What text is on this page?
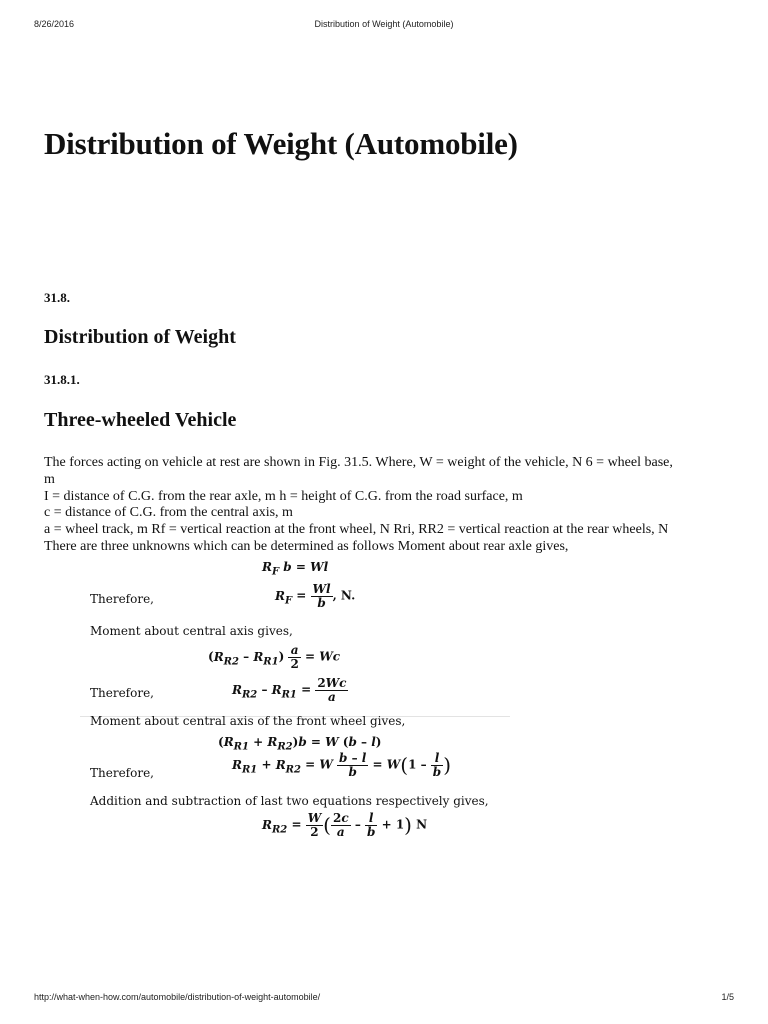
8/26/2016	Distribution of Weight (Automobile)
Distribution of Weight (Automobile)

31.8.

Distribution of Weight

31.8.1.

Three-wheeled Vehicle
The forces acting on vehicle at rest are shown in Fig. 31.5. Where, W = weight of the vehicle, N 6 = wheel base,
m
I = distance of C.G. from the rear axle, m h = height of C.G. from the road surface, m
c = distance of C.G. from the central axis, m
a = wheel track, m Rf = vertical reaction at the front wheel, N Rri, RR2 = vertical reaction at the rear wheels, N
There are three unknowns which can be determined as follows Moment about rear axle gives,
$R_F$ b = Wl
Therefore,	$R_F = \frac{Wl}{b}$ , N.
Moment about central axis gives,
$(R_{R2} - R_{R1}) \frac{a}{2} = Wc$
Therefore,	$R_{R2} - R_{R1} = \frac{2Wc}{a}$
Moment about central axis of the front wheel gives,
$(R_{R1} + R_{R2})b = W$ (b – l)
Therefore,
$R_{R1} + R_{R2} = W \frac{b - l}{b} = W(1 - \frac{l}{b}$ )
Addition and subtraction of last two equations respectively gives,
$R_{R2} = \frac{W}{2}$ ( $\frac{2c}{a} - \frac{l}{b} + 1$) N
http://what-when-how.com/automobile/distribution-of-weight-automobile/	1/5
